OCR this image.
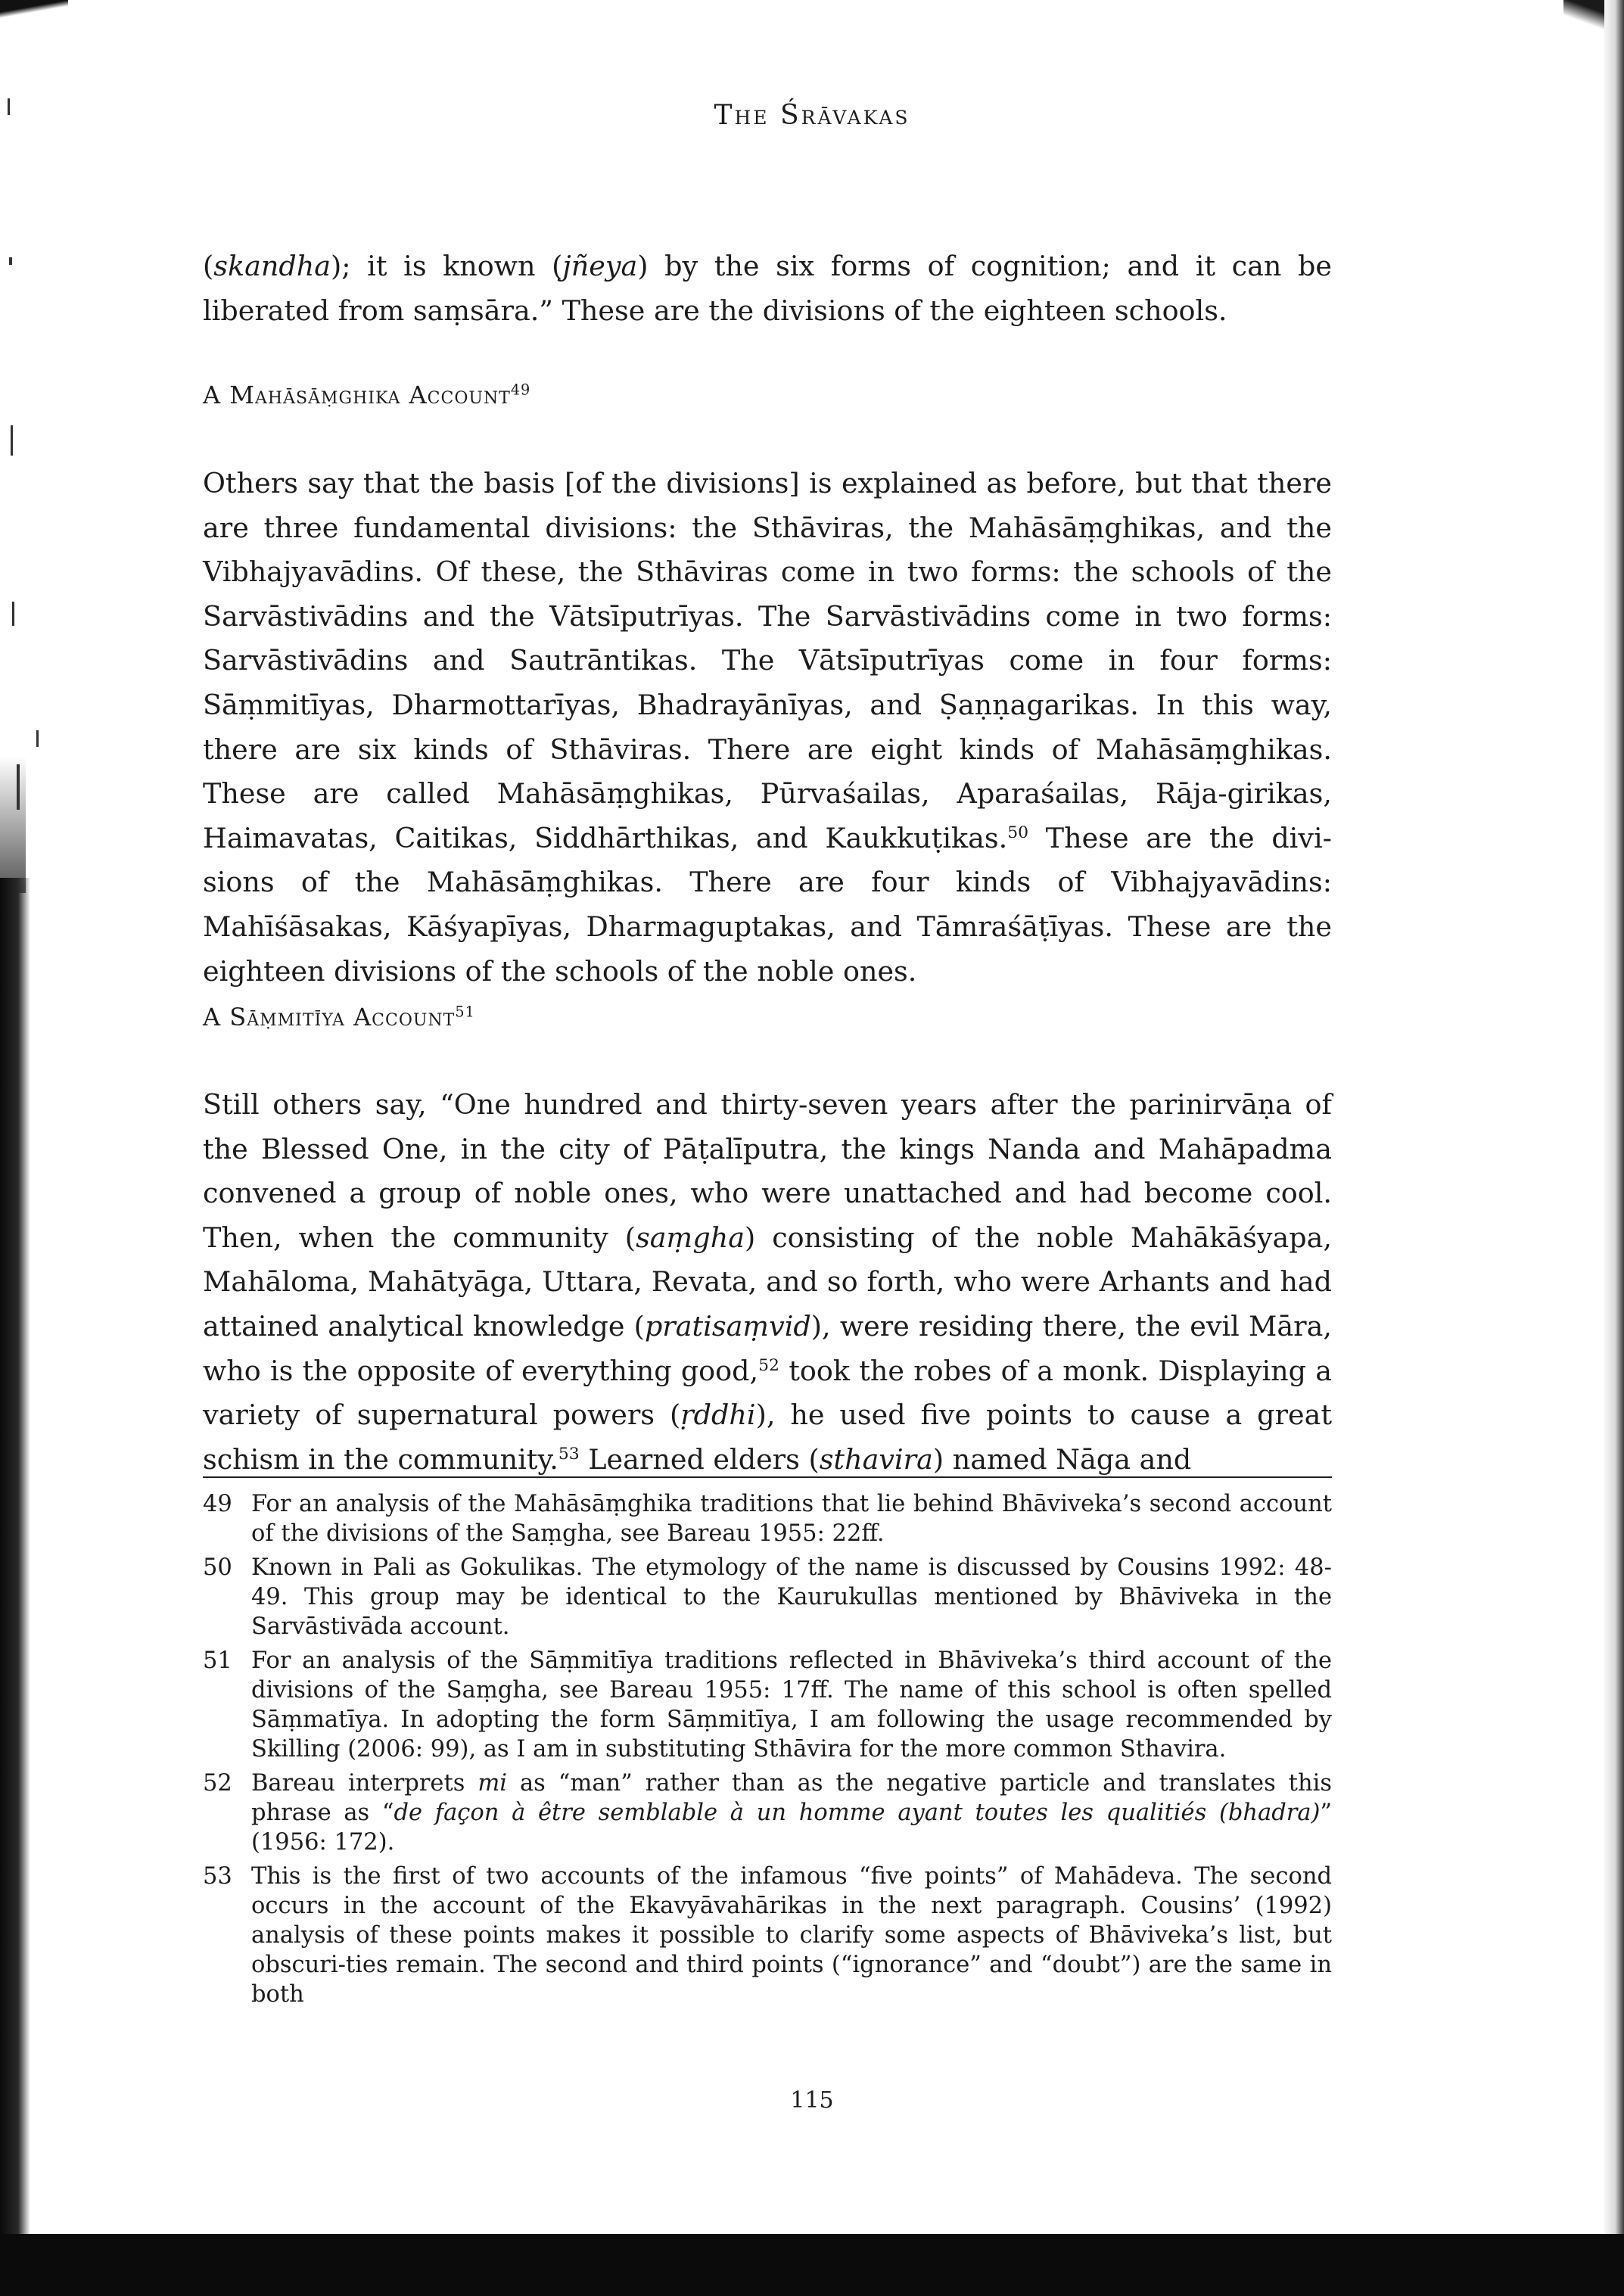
The Śrāvakas

(skandha); it is known (jñeya) by the six forms of cognition; and it can be liberated from saṃsāra.” These are the divisions of the eighteen schools.

A Mahāsāṃghika Account$^{49}$

Others say that the basis [of the divisions] is explained as before, but that there are three fundamental divisions: the Sthāviras, the Mahāsāṃghikas, and the Vibhajyavādins. Of these, the Sthāviras come in two forms: the schools of the Sarvāstivādins and the Vātsīputrīyas. The Sarvāstivādins come in two forms: Sarvāstivādins and Sautrāntikas. The Vātsīputrīyas come in four forms: Sāṃmitīyas, Dharmottarīyas, Bhadrayānīyas, and Ṣaṇṇagarikas. In this way, there are six kinds of Sthāviras. There are eight kinds of Mahāsāṃghikas. These are called Mahāsāṃghikas, Pūrvaśailas, Aparaśailas, Rāja-girikas, Haimavatas, Caitikas, Siddhārthikas, and Kaukkuṭikas.$^{50}$ These are the divi-sions of the Mahāsāṃghikas. There are four kinds of Vibhajyavādins: Mahīśāsakas, Kāśyapīyas, Dharmaguptakas, and Tāmraśāṭīyas. These are the eighteen divisions of the schools of the noble ones.

A Sāṃmitīya Account$^{51}$

Still others say, “One hundred and thirty-seven years after the parinirvāṇa of the Blessed One, in the city of Pāṭalīputra, the kings Nanda and Mahāpadma convened a group of noble ones, who were unattached and had become cool. Then, when the community (saṃgha) consisting of the noble Mahākāśyapa, Mahāloma, Mahātyāga, Uttara, Revata, and so forth, who were Arhants and had attained analytical knowledge (pratisaṃvid), were residing there, the evil Māra, who is the opposite of everything good,$^{52}$ took the robes of a monk. Displaying a variety of supernatural powers (ṛddhi), he used five points to cause a great schism in the community.$^{53}$ Learned elders (sthavira) named Nāga and

49 For an analysis of the Mahāsāṃghika traditions that lie behind Bhāviveka’s second account of the divisions of the Saṃgha, see Bareau 1955: 22ff.
50 Known in Pali as Gokulikas. The etymology of the name is discussed by Cousins 1992: 48-49. This group may be identical to the Kaurukullas mentioned by Bhāviveka in the Sarvāstivāda account.
51 For an analysis of the Sāṃmitīya traditions reflected in Bhāviveka’s third account of the divisions of the Saṃgha, see Bareau 1955: 17ff. The name of this school is often spelled Sāṃmatīya. In adopting the form Sāṃmitīya, I am following the usage recommended by Skilling (2006: 99), as I am in substituting Sthāvira for the more common Sthavira.
52 Bareau interprets mi as “man” rather than as the negative particle and translates this phrase as “de façon à être semblable à un homme ayant toutes les qualitiés (bhadra)” (1956: 172).
53 This is the first of two accounts of the infamous “five points” of Mahādeva. The second occurs in the account of the Ekavyāvahārikas in the next paragraph. Cousins’ (1992) analysis of these points makes it possible to clarify some aspects of Bhāviveka’s list, but obscuri-ties remain. The second and third points (“ignorance” and “doubt”) are the same in both
115
